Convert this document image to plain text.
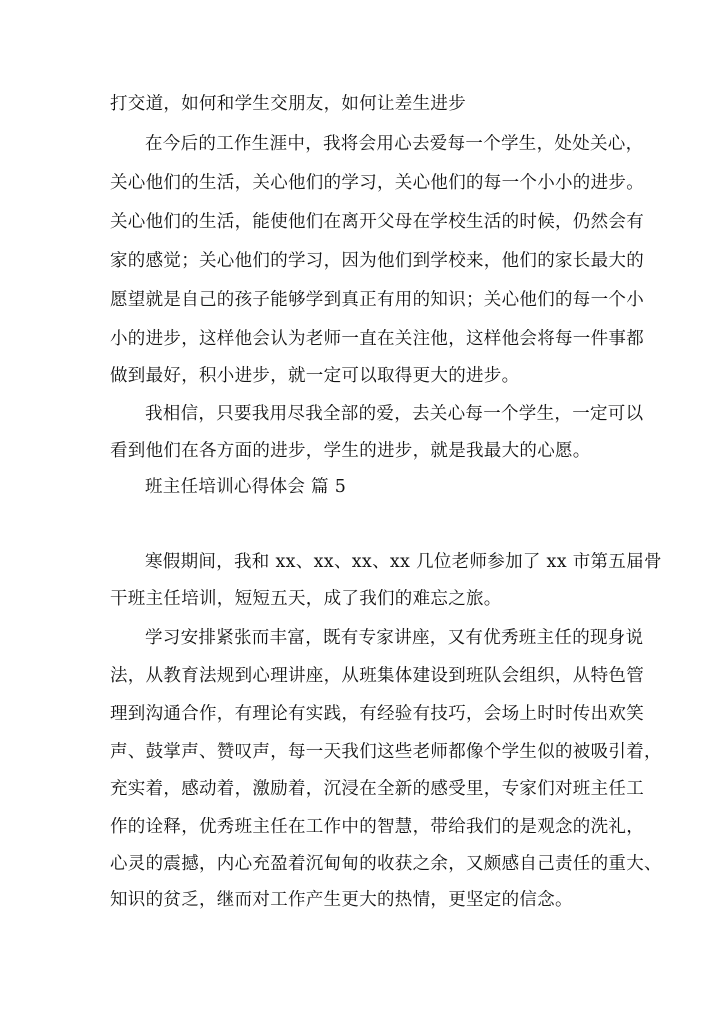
打交道，如何和学生交朋友，如何让差生进步
在今后的工作生涯中，我将会用心去爱每一个学生，处处关心，
关心他们的生活，关心他们的学习，关心他们的每一个小小的进步。
关心他们的生活，能使他们在离开父母在学校生活的时候，仍然会有
家的感觉；关心他们的学习，因为他们到学校来，他们的家长最大的
愿望就是自己的孩子能够学到真正有用的知识；关心他们的每一个小
小的进步，这样他会认为老师一直在关注他，这样他会将每一件事都
做到最好，积小进步，就一定可以取得更大的进步。
我相信，只要我用尽我全部的爱，去关心每一个学生，一定可以
看到他们在各方面的进步，学生的进步，就是我最大的心愿。
班主任培训心得体会 篇 5
寒假期间，我和 xx、xx、xx、xx 几位老师参加了 xx 市第五届骨
干班主任培训，短短五天，成了我们的难忘之旅。
学习安排紧张而丰富，既有专家讲座，又有优秀班主任的现身说
法，从教育法规到心理讲座，从班集体建设到班队会组织，从特色管
理到沟通合作，有理论有实践，有经验有技巧，会场上时时传出欢笑
声、鼓掌声、赞叹声，每一天我们这些老师都像个学生似的被吸引着，
充实着，感动着，激励着，沉浸在全新的感受里，专家们对班主任工
作的诠释，优秀班主任在工作中的智慧，带给我们的是观念的洗礼，
心灵的震撼，内心充盈着沉甸甸的收获之余，又颇感自己责任的重大、
知识的贫乏，继而对工作产生更大的热情，更坚定的信念。
